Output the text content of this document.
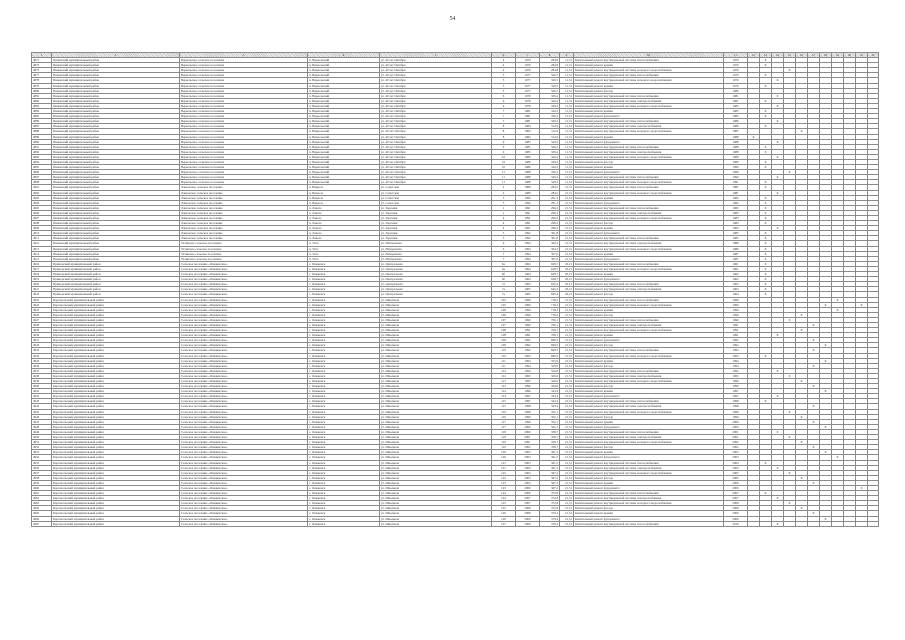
54
1	2	3	4	5	6	7	8	9	10	11	12	13	14	15	16	17	18	19	20	21	22
4871	Пинежский муниципальный район	Веркольское сельское поселение	п. Веркольский	ул. 40 лет Октября	4	1979	284,8	11,31	Капитальный ремонт внутридомовой системы теплоснабжения	1979		X									
4872	Пинежский муниципальный район	Веркольское сельское поселение	п. Веркольский	ул. 40 лет Октября	4	1979	284,8	11,31	Капитальный ремонт крыши	1979		X									
4873	Пинежский муниципальный район	Веркольское сельское поселение	п. Веркольский	ул. 40 лет Октября	4	1979	284,8	11,31	Капитальный ремонт внутридомовой системы холодного водоснабжения	1979				X							
4877	Пинежский муниципальный район	Веркольское сельское поселение	п. Веркольский	ул. 40 лет Октября	5	1977	320,5	11,31	Капитальный ремонт внутридомовой системы теплоснабжения	1979		X									
4878	Пинежский муниципальный район	Веркольское сельское поселение	п. Веркольский	ул. 40 лет Октября	5	1977	320,5	11,31	Капитальный ремонт внутридомовой системы холодного водоснабжения	1979			X								
4879	Пинежский муниципальный район	Веркольское сельское поселение	п. Веркольский	ул. 40 лет Октября	5	1977	320,5	11,31	Капитальный ремонт крыши	1979		X									
4880	Пинежский муниципальный район	Веркольское сельское поселение	п. Веркольский	ул. 40 лет Октября	5	1977	320,5	11,31	Капитальный ремонт фасада	1980											
4881	Пинежский муниципальный район	Веркольское сельское поселение	п. Веркольский	ул. 40 лет Октября	6	1978	329,2	11,31	Капитальный ремонт внутридомовой системы теплоснабжения	1981			X								
4882	Пинежский муниципальный район	Веркольское сельское поселение	п. Веркольский	ул. 40 лет Октября	6	1978	329,2	11,31	Капитальный ремонт внутридомовой системы электроснабжения	1981		X									
4883	Пинежский муниципальный район	Веркольское сельское поселение	п. Веркольский	ул. 40 лет Октября	6	1978	329,2	11,31	Капитальный ремонт внутридомовой системы холодного водоснабжения	1985			X								
4884	Пинежский муниципальный район	Веркольское сельское поселение	п. Веркольский	ул. 40 лет Октября	7	1981	329,2	11,31	Капитальный ремонт крыши	1985		X									
4885	Пинежский муниципальный район	Веркольское сельское поселение	п. Веркольский	ул. 40 лет Октября	7	1981	329,2	11,31	Капитальный ремонт фундамента	1985		X									
4886	Пинежский муниципальный район	Веркольское сельское поселение	п. Веркольский	ул. 40 лет Октября	7	1981	329,2	11,31	Капитальный ремонт внутридомовой системы теплоснабжения	1986			X								
4887	Пинежский муниципальный район	Веркольское сельское поселение	п. Веркольский	ул. 40 лет Октября	8	1984	312,6	11,31	Капитальный ремонт внутридомовой системы электроснабжения	1986		X									
4888	Пинежский муниципальный район	Веркольское сельское поселение	п. Веркольский	ул. 40 лет Октября	8	1984	312,6	11,31	Капитальный ремонт внутридомовой системы холодного водоснабжения	1987					X						
4889	Пинежский муниципальный район	Веркольское сельское поселение	п. Веркольский	ул. 40 лет Октября	8	1984	312,6	11,31	Капитальный ремонт крыши	1988	X										
4890	Пинежский муниципальный район	Веркольское сельское поселение	п. Веркольский	ул. 40 лет Октября	9	1985	329,2	11,31	Капитальный ремонт фундамента	1988			X								
4891	Пинежский муниципальный район	Веркольское сельское поселение	п. Веркольский	ул. 40 лет Октября	9	1985	329,2	11,31	Капитальный ремонт внутридомовой системы теплоснабжения	1988		X									
4892	Пинежский муниципальный район	Веркольское сельское поселение	п. Веркольский	ул. 40 лет Октября	9	1985	329,2	11,31	Капитальный ремонт внутридомовой системы электроснабжения	1988		X									
4893	Пинежский муниципальный район	Веркольское сельское поселение	п. Веркольский	ул. 40 лет Октября	10	1986	329,2	11,31	Капитальный ремонт внутридомовой системы холодного водоснабжения	1989			X								
4894	Пинежский муниципальный район	Веркольское сельское поселение	п. Веркольский	ул. 40 лет Октября	10	1986	329,2	11,31	Капитальный ремонт фасада	1989		X									
4895	Пинежский муниципальный район	Веркольское сельское поселение	п. Веркольский	ул. 40 лет Октября	10	1986	329,2	11,31	Капитальный ремонт крыши	1990		X									
4896	Пинежский муниципальный район	Веркольское сельское поселение	п. Веркольский	ул. 40 лет Октября	11	1988	329,2	11,31	Капитальный ремонт фундамента	1990				X							
4897	Пинежский муниципальный район	Веркольское сельское поселение	п. Веркольский	ул. 40 лет Октября	11	1988	329,2	11,31	Капитальный ремонт внутридомовой системы теплоснабжения	1990			X								
4898	Пинежский муниципальный район	Веркольское сельское поселение	п. Веркольский	ул. 40 лет Октября	11	1988	329,2	11,31	Капитальный ремонт внутридомовой системы холодного водоснабжения	1991		X									
4901	Пинежский муниципальный район	Лавельское сельское поселение	п. Веркола	ул. Советская	2	1989	284,5	21,31	Капитальный ремонт внутридомовой системы теплоснабжения	1981		X									
4902	Пинежский муниципальный район	Лавельское сельское поселение	п. Веркола	ул. Советская	2	1989	284,5	21,31	Капитальный ремонт внутридомовой системы холодного водоснабжения	1981			X								
4903	Пинежский муниципальный район	Лавельское сельское поселение	п. Веркола	ул. Советская	3	1990	291,3	21,31	Капитальный ремонт крыши	1982		X									
4904	Пинежский муниципальный район	Лавельское сельское поселение	п. Веркола	ул. Советская	3	1990	291,3	21,31	Капитальный ремонт фундамента	1982		X									
4905	Пинежский муниципальный район	Лавельское сельское поселение	п. Лавела	ул. Заречная	1	1991	296,2	21,31	Капитальный ремонт внутридомовой системы теплоснабжения	1982		X									
4906	Пинежский муниципальный район	Лавельское сельское поселение	п. Лавела	ул. Заречная	1	1991	296,2	21,31	Капитальный ремонт внутридомовой системы электроснабжения	1983		X									
4907	Пинежский муниципальный район	Лавельское сельское поселение	п. Лавела	ул. Заречная	4	1991	296,2	21,31	Капитальный ремонт внутридомовой системы холодного водоснабжения	1983		X									
4908	Пинежский муниципальный район	Лавельское сельское поселение	п. Лавела	ул. Заречная	4	1991	296,2	21,31	Капитальный ремонт фасада	1984		X									
4909	Пинежский муниципальный район	Лавельское сельское поселение	п. Лавела	ул. Заречная	4	1991	296,2	21,31	Капитальный ремонт крыши	1984			X								
4910	Пинежский муниципальный район	Лавельское сельское поселение	п. Лавела	ул. Заречная	5	1992	301,8	21,31	Капитальный ремонт фундамента	1985		X									
4911	Пинежский муниципальный район	Лавельское сельское поселение	п. Лавела	ул. Заречная	5	1992	301,8	21,31	Капитальный ремонт внутридомовой системы теплоснабжения	1985		X									
4912	Пинежский муниципальный район	Ухтинское сельское поселение	п. Ухта	ул. Набережная	6	1993	304,3	21,31	Капитальный ремонт внутридомовой системы электроснабжения	1986		X									
4913	Пинежский муниципальный район	Ухтинское сельское поселение	п. Ухта	ул. Набережная	6	1993	304,3	21,31	Капитальный ремонт внутридомовой системы холодного водоснабжения	1986		X									
4914	Пинежский муниципальный район	Ухтинское сельское поселение	п. Ухта	ул. Набережная	7	1994	307,0	21,31	Капитальный ремонт крыши	1987		X									
4915	Пинежский муниципальный район	Ухтинское сельское поселение	п. Ухта	ул. Набережная	7	1994	307,0	21,31	Капитальный ремонт фундамента	1987		X									
4916	Приморский муниципальный район	Сельское поселение «Ошевенское»	с. Ошевенск	ул. Центральная	6а	1964	628,7	20,21	Капитальный ремонт внутридомовой системы теплоснабжения	1961		X									
4917	Приморский муниципальный район	Сельское поселение «Ошевенское»	с. Ошевенск	ул. Центральная	6а	1964	628,7	20,21	Капитальный ремонт внутридомовой системы холодного водоснабжения	1961		X									
4918	Приморский муниципальный район	Сельское поселение «Ошевенское»	с. Ошевенск	ул. Центральная	6б	1964	628,7	20,21	Капитальный ремонт крыши	1962		X									
4919	Приморский муниципальный район	Сельское поселение «Ошевенское»	с. Ошевенск	ул. Центральная	6б	1964	628,7	20,21	Капитальный ремонт фундамента	1962		X									
4920	Приморский муниципальный район	Сельское поселение «Ошевенское»	с. Ошевенск	ул. Центральная	7а	1965	645,4	20,21	Капитальный ремонт внутридомовой системы теплоснабжения	1963		X									
4921	Приморский муниципальный район	Сельское поселение «Ошевенское»	с. Ошевенск	ул. Центральная	7а	1965	645,4	20,21	Капитальный ремонт внутридомовой системы электроснабжения	1963		X									
4922	Приморский муниципальный район	Сельское поселение «Ошевенское»	с. Ошевенск	ул. Центральная	7а	1965	645,4	20,21	Капитальный ремонт фасада	1964		X									
4923	Каргопольский муниципальный район	Сельское поселение «Ошевенское»	с. Ошевенск	ул. Школьная	105	1990	718,2	21,31	Капитальный ремонт внутридомовой системы теплоснабжения	1990								X			
4924	Каргопольский муниципальный район	Сельское поселение «Ошевенское»	с. Ошевенск	ул. Школьная	105	1990	718,2	21,31	Капитальный ремонт внутридомовой системы холодного водоснабжения	1990							X			X	
4925	Каргопольский муниципальный район	Сельское поселение «Ошевенское»	с. Ошевенск	ул. Школьная	106	1990	718,2	21,31	Капитальный ремонт крыши	1990								X			
4926	Каргопольский муниципальный район	Сельское поселение «Ошевенское»	с. Ошевенск	ул. Школьная	106	1990	718,2	21,31	Капитальный ремонт фасада	1990					X						
4927	Каргопольский муниципальный район	Сельское поселение «Ошевенское»	с. Ошевенск	ул. Школьная	107	1990	706,1	21,31	Капитальный ремонт внутридомовой системы теплоснабжения	1990				X							
4928	Каргопольский муниципальный район	Сельское поселение «Ошевенское»	с. Ошевенск	ул. Школьная	107	1990	706,1	21,31	Капитальный ремонт внутридомовой системы электроснабжения	1991						X					
4929	Каргопольский муниципальный район	Сельское поселение «Ошевенское»	с. Ошевенск	ул. Школьная	108	1991	706,1	21,31	Капитальный ремонт внутридомовой системы холодного водоснабжения	1991					X						
4930	Каргопольский муниципальный район	Сельское поселение «Ошевенское»	с. Ошевенск	ул. Школьная	108	1991	706,1	21,31	Капитальный ремонт крыши	1991			X								
4931	Каргопольский муниципальный район	Сельское поселение «Ошевенское»	с. Ошевенск	ул. Школьная	109	1992	699,5	21,31	Капитальный ремонт фундамента	1992						X					
4932	Каргопольский муниципальный район	Сельское поселение «Ошевенское»	с. Ошевенск	ул. Школьная	109	1992	699,5	21,31	Капитальный ремонт фасада	1992							X				
4933	Каргопольский муниципальный район	Сельское поселение «Ошевенское»	с. Ошевенск	ул. Школьная	110	1992	699,5	21,31	Капитальный ремонт внутридомовой системы теплоснабжения	1993						X					
4934	Каргопольский муниципальный район	Сельское поселение «Ошевенское»	с. Ошевенск	ул. Школьная	110	1993	699,5	21,31	Капитальный ремонт внутридомовой системы холодного водоснабжения	1993		X									
4935	Каргопольский муниципальный район	Сельское поселение «Ошевенское»	с. Ошевенск	ул. Школьная	111	1993	325,6	21,31	Капитальный ремонт крыши	1994							X				
4936	Каргопольский муниципальный район	Сельское поселение «Ошевенское»	с. Ошевенск	ул. Школьная	111	1994	325,6	21,31	Капитальный ремонт фасада	1994						X					
4937	Каргопольский муниципальный район	Сельское поселение «Ошевенское»	с. Ошевенск	ул. Школьная	112	1994	329,6	21,31	Капитальный ремонт внутридомовой системы теплоснабжения	1995			X								
4938	Каргопольский муниципальный район	Сельское поселение «Ошевенское»	с. Ошевенск	ул. Школьная	112	1995	329,6	21,31	Капитальный ремонт внутридомовой системы электроснабжения	1995				X							
4939	Каргопольский муниципальный район	Сельское поселение «Ошевенское»	с. Ошевенск	ул. Школьная	113	1995	329,6	21,31	Капитальный ремонт внутридомовой системы холодного водоснабжения	1996					X						
4940	Каргопольский муниципальный район	Сельское поселение «Ошевенское»	с. Ошевенск	ул. Школьная	113	1996	329,6	21,31	Капитальный ремонт фасада	1996						X					
4941	Каргопольский муниципальный район	Сельское поселение «Ошевенское»	с. Ошевенск	ул. Школьная	114	1996	343,4	21,31	Капитальный ремонт крыши	1997							X				
4942	Каргопольский муниципальный район	Сельское поселение «Ошевенское»	с. Ошевенск	ул. Школьная	114	1997	343,4	21,31	Капитальный ремонт фундамента	1997			X								
4943	Каргопольский муниципальный район	Сельское поселение «Ошевенское»	с. Ошевенск	ул. Школьная	115	1997	343,4	21,31	Капитальный ремонт внутридомовой системы теплоснабжения	1998		X									
4944	Каргопольский муниципальный район	Сельское поселение «Ошевенское»	с. Ошевенск	ул. Школьная	115	1998	343,4	21,31	Капитальный ремонт внутридомовой системы электроснабжения	1998						X					
4945	Каргопольский муниципальный район	Сельское поселение «Ошевенское»	с. Ошевенск	ул. Школьная	116	1998	352,1	21,31	Капитальный ремонт внутридомовой системы холодного водоснабжения	1999				X							
4946	Каргопольский муниципальный район	Сельское поселение «Ошевенское»	с. Ошевенск	ул. Школьная	116	1999	352,1	21,31	Капитальный ремонт фасада	1999					X						
4947	Каргопольский муниципальный район	Сельское поселение «Ошевенское»	с. Ошевенск	ул. Школьная	117	1999	352,1	21,31	Капитальный ремонт крыши	2000						X					
4948	Каргопольский муниципальный район	Сельское поселение «Ошевенское»	с. Ошевенск	ул. Школьная	117	2000	352,1	21,31	Капитальный ремонт фундамента	2000							X				
4949	Каргопольский муниципальный район	Сельское поселение «Ошевенское»	с. Ошевенск	ул. Школьная	118	2000	358,7	21,31	Капитальный ремонт внутридомовой системы теплоснабжения	2001			X								
4950	Каргопольский муниципальный район	Сельское поселение «Ошевенское»	с. Ошевенск	ул. Школьная	118	2001	358,7	21,31	Капитальный ремонт внутридомовой системы электроснабжения	2001				X							
4951	Каргопольский муниципальный район	Сельское поселение «Ошевенское»	с. Ошевенск	ул. Школьная	119	2001	358,7	21,31	Капитальный ремонт внутридомовой системы холодного водоснабжения	2002					X						
4952	Каргопольский муниципальный район	Сельское поселение «Ошевенское»	с. Ошевенск	ул. Школьная	119	2002	358,7	21,31	Капитальный ремонт фасада	2002						X					
4953	Каргопольский муниципальный район	Сельское поселение «Ошевенское»	с. Ошевенск	ул. Школьная	120	2002	361,5	21,31	Капитальный ремонт крыши	2003							X				
4954	Каргопольский муниципальный район	Сельское поселение «Ошевенское»	с. Ошевенск	ул. Школьная	120	2003	361,5	21,31	Капитальный ремонт фундамента	2003								X			
4955	Каргопольский муниципальный район	Сельское поселение «Ошевенское»	с. Ошевенск	ул. Школьная	121	2003	361,5	21,31	Капитальный ремонт внутридомовой системы теплоснабжения	2004		X									
4956	Каргопольский муниципальный район	Сельское поселение «Ошевенское»	с. Ошевенск	ул. Школьная	121	2004	361,5	21,31	Капитальный ремонт внутридомовой системы электроснабжения	2004			X								
4957	Каргопольский муниципальный район	Сельское поселение «Ошевенское»	с. Ошевенск	ул. Школьная	122	2004	367,2	21,31	Капитальный ремонт внутридомовой системы холодного водоснабжения	2005				X							
4958	Каргопольский муниципальный район	Сельское поселение «Ошевенское»	с. Ошевенск	ул. Школьная	122	2005	367,2	21,31	Капитальный ремонт фасада	2005					X						
4959	Каргопольский муниципальный район	Сельское поселение «Ошевенское»	с. Ошевенск	ул. Школьная	123	2005	367,2	21,31	Капитальный ремонт крыши	2006						X					
4960	Каргопольский муниципальный район	Сельское поселение «Ошевенское»	с. Ошевенск	ул. Школьная	123	2006	367,2	21,31	Капитальный ремонт фундамента	2006										X	
4961	Каргопольский муниципальный район	Сельское поселение «Ошевенское»	с. Ошевенск	ул. Школьная	124	2006	372,8	21,31	Капитальный ремонт внутридомовой системы теплоснабжения	2007		X									
4962	Каргопольский муниципальный район	Сельское поселение «Ошевенское»	с. Ошевенск	ул. Школьная	124	2007	372,8	21,31	Капитальный ремонт внутридомовой системы электроснабжения	2007			X								
4963	Каргопольский муниципальный район	Сельское поселение «Ошевенское»	с. Ошевенск	ул. Школьная	125	2007	372,8	21,31	Капитальный ремонт внутридомовой системы холодного водоснабжения	2008				X							
4964	Каргопольский муниципальный район	Сельское поселение «Ошевенское»	с. Ошевенск	ул. Школьная	125	2008	372,8	21,31	Капитальный ремонт фасада	2008					X						
4965	Каргопольский муниципальный район	Сельское поселение «Ошевенское»	с. Ошевенск	ул. Школьная	126	2008	379,4	21,31	Капитальный ремонт крыши	2009						X					
4966	Каргопольский муниципальный район	Сельское поселение «Ошевенское»	с. Ошевенск	ул. Школьная	126	2009	379,4	21,31	Капитальный ремонт фундамента	2009							X				
4967	Каргопольский муниципальный район	Сельское поселение «Ошевенское»	с. Ошевенск	ул. Школьная	127	2009	379,4	21,31	Капитальный ремонт внутридомовой системы теплоснабжения	2010			X								
